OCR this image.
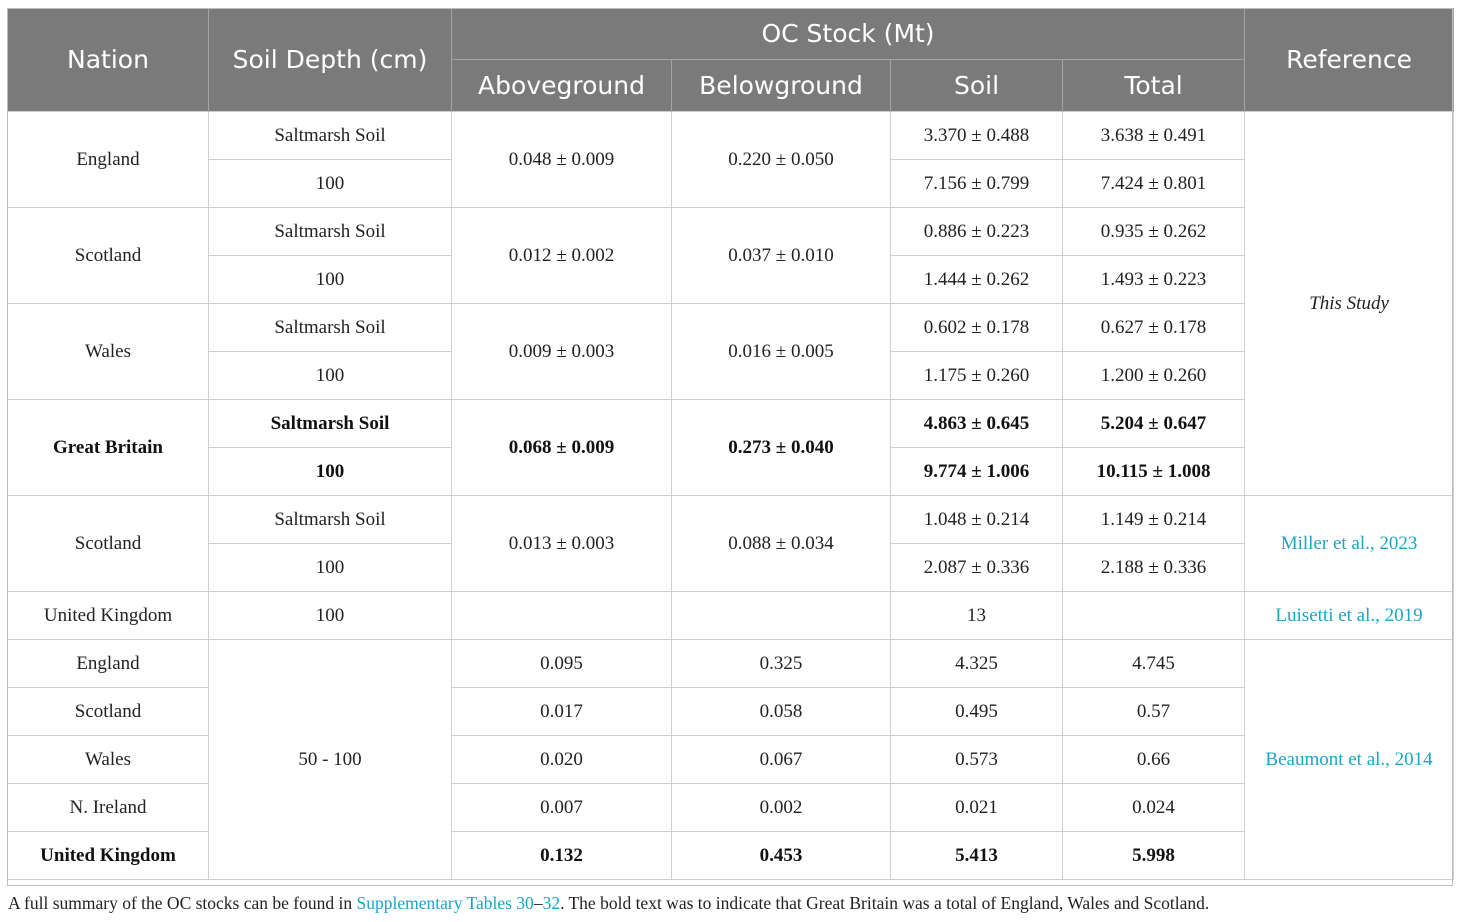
Nation	Soil Depth (cm)	OC Stock (Mt)				Reference
		Aboveground	Belowground	Soil	Total	
England	Saltmarsh Soil	0.048 ± 0.009	0.220 ± 0.050	3.370 ± 0.488	3.638 ± 0.491	This Study
	100			7.156 ± 0.799	7.424 ± 0.801	
Scotland	Saltmarsh Soil	0.012 ± 0.002	0.037 ± 0.010	0.886 ± 0.223	0.935 ± 0.262	
	100			1.444 ± 0.262	1.493 ± 0.223	
Wales	Saltmarsh Soil	0.009 ± 0.003	0.016 ± 0.005	0.602 ± 0.178	0.627 ± 0.178	
	100			1.175 ± 0.260	1.200 ± 0.260	
Great Britain	Saltmarsh Soil	0.068 ± 0.009	0.273 ± 0.040	4.863 ± 0.645	5.204 ± 0.647	
	100			9.774 ± 1.006	10.115 ± 1.008	
Scotland	Saltmarsh Soil	0.013 ± 0.003	0.088 ± 0.034	1.048 ± 0.214	1.149 ± 0.214	Miller et al., 2023
	100			2.087 ± 0.336	2.188 ± 0.336	
United Kingdom	100			13		Luisetti et al., 2019
England	50 - 100	0.095	0.325	4.325	4.745	Beaumont et al., 2014
Scotland		0.017	0.058	0.495	0.57	
Wales		0.020	0.067	0.573	0.66	
N. Ireland		0.007	0.002	0.021	0.024	
United Kingdom		0.132	0.453	5.413	5.998	
A full summary of the OC stocks can be found in Supplementary Tables 30–32. The bold text was to indicate that Great Britain was a total of England, Wales and Scotland.
